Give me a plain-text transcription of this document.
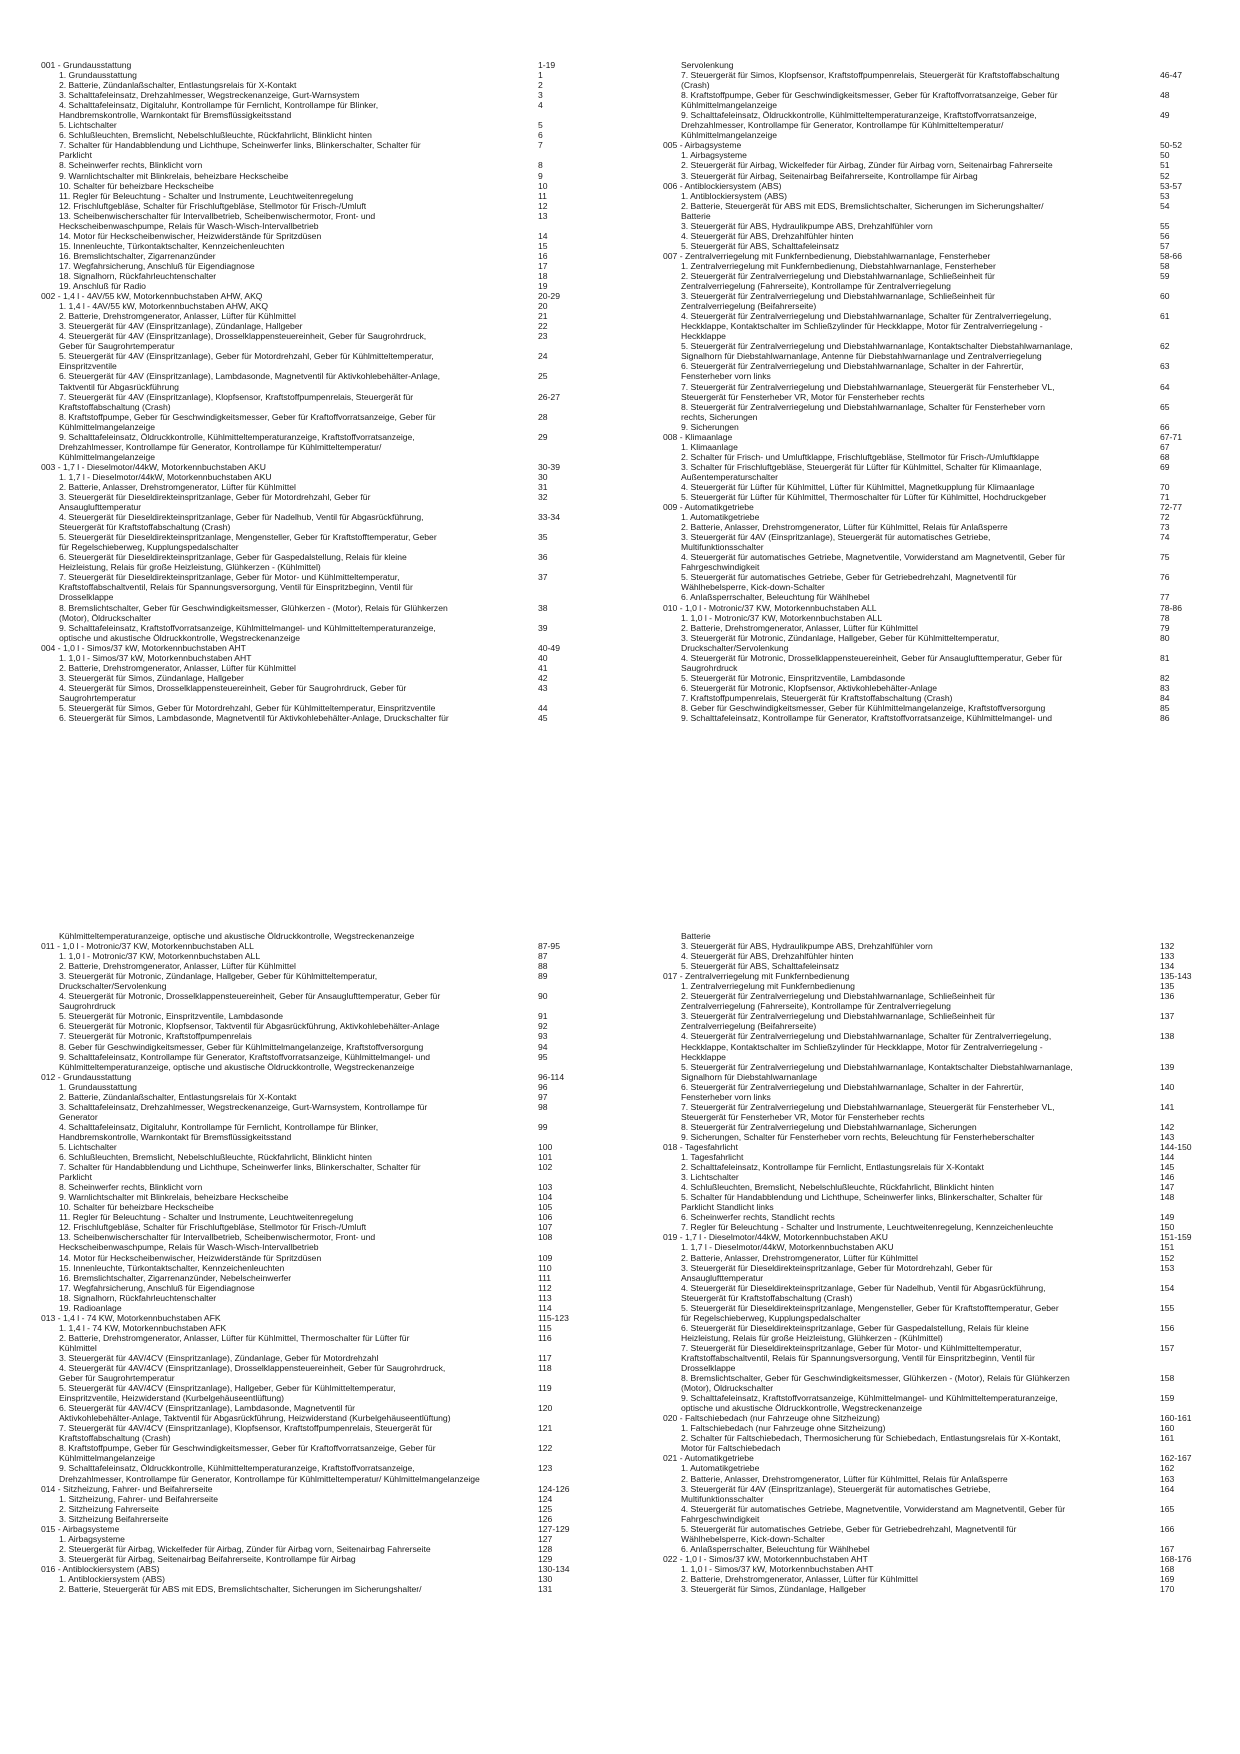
001 - Grundausstattung	1-19
1. Grundausstattung	1
2. Batterie, Zündanlaßschalter, Entlastungsrelais für X-Kontakt	2
3. Schalttafeleinsatz, Drehzahlmesser, Wegstreckenanzeige, Gurt-Warnsystem	3
4. Schalttafeleinsatz, Digitaluhr, Kontrollampe für Fernlicht, Kontrollampe für Blinker,	4
Handbremskontrolle, Warnkontakt für Bremsflüssigkeitsstand
5. Lichtschalter	5
6. Schlußleuchten, Bremslicht, Nebelschlußleuchte, Rückfahrlicht, Blinklicht hinten	6
7. Schalter für Handabblendung und Lichthupe, Scheinwerfer links, Blinkerschalter, Schalter für	7
Parklicht
8. Scheinwerfer rechts, Blinklicht vorn	8
9. Warnlichtschalter mit Blinkrelais, beheizbare Heckscheibe	9
10. Schalter für beheizbare Heckscheibe	10
11. Regler für Beleuchtung - Schalter und Instrumente, Leuchtweitenregelung	11
12. Frischluftgebläse, Schalter für Frischluftgebläse, Stellmotor für Frisch-/Umluft	12
13. Scheibenwischerschalter für Intervallbetrieb, Scheibenwischermotor, Front- und	13
Heckscheibenwaschpumpe, Relais für Wasch-Wisch-Intervallbetrieb
14. Motor für Heckscheibenwischer, Heizwiderstände für Spritzdüsen	14
15. Innenleuchte, Türkontaktschalter, Kennzeichenleuchten	15
16. Bremslichtschalter, Zigarrenanzünder	16
17. Wegfahrsicherung, Anschluß für Eigendiagnose	17
18. Signalhorn, Rückfahrleuchtenschalter	18
19. Anschluß für Radio	19
002 - 1,4 l - 4AV/55 kW, Motorkennbuchstaben AHW, AKQ	20-29
1. 1,4 l - 4AV/55 kW, Motorkennbuchstaben AHW, AKQ	20
2. Batterie, Drehstromgenerator, Anlasser, Lüfter für Kühlmittel	21
3. Steuergerät für 4AV (Einspritzanlage), Zündanlage, Hallgeber	22
4. Steuergerät für 4AV (Einspritzanlage), Drosselklappensteuereinheit, Geber für Saugrohrdruck,	23
Geber für Saugrohrtemperatur
5. Steuergerät für 4AV (Einspritzanlage), Geber für Motordrehzahl, Geber für Kühlmitteltemperatur,	24
Einspritzventile
6. Steuergerät für 4AV (Einspritzanlage), Lambdasonde, Magnetventil für Aktivkohlebehälter-Anlage,	25
Taktventil für Abgasrückführung
7. Steuergerät für 4AV (Einspritzanlage), Klopfsensor, Kraftstoffpumpenrelais, Steuergerät für	26-27
Kraftstoffabschaltung (Crash)
8. Kraftstoffpumpe, Geber für Geschwindigkeitsmesser, Geber für Kraftoffvorratsanzeige, Geber für	28
Kühlmittelmangelanzeige
9. Schalttafeleinsatz, Öldruckkontrolle, Kühlmitteltemperaturanzeige, Kraftstoffvorratsanzeige,	29
Drehzahlmesser, Kontrollampe für Generator, Kontrollampe für Kühlmitteltemperatur/
Kühlmittelmangelanzeige
003 - 1,7 l - Dieselmotor/44kW, Motorkennbuchstaben AKU	30-39
1. 1,7 l - Dieselmotor/44kW, Motorkennbuchstaben AKU	30
2. Batterie, Anlasser, Drehstromgenerator, Lüfter für Kühlmittel	31
3. Steuergerät für Dieseldirekteinspritzanlage, Geber für Motordrehzahl, Geber für	32
Ansauglufttemperatur
4. Steuergerät für Dieseldirekteinspritzanlage, Geber für Nadelhub, Ventil für Abgasrückführung,	33-34
Steuergerät für Kraftstoffabschaltung (Crash)
5. Steuergerät für Dieseldirekteinspritzanlage, Mengensteller, Geber für Kraftstofftemperatur, Geber	35
für Regelschieberweg, Kupplungspedalschalter
6. Steuergerät für Dieseldirekteinspritzanlage, Geber für Gaspedalstellung, Relais für kleine	36
Heizleistung, Relais für große Heizleistung, Glühkerzen - (Kühlmittel)
7. Steuergerät für Dieseldirekteinspritzanlage, Geber für Motor- und Kühlmitteltemperatur,	37
Kraftstoffabschaltventil, Relais für Spannungsversorgung, Ventil für Einspritzbeginn, Ventil für
Drosselklappe
8. Bremslichtschalter, Geber für Geschwindigkeitsmesser, Glühkerzen - (Motor), Relais für Glühkerzen	38
(Motor), Öldruckschalter
9. Schalttafeleinsatz, Kraftstoffvorratsanzeige, Kühlmittelmangel- und Kühlmitteltemperaturanzeige,	39
optische und akustische Öldruckkontrolle, Wegstreckenanzeige
004 - 1,0 l - Simos/37 kW, Motorkennbuchstaben AHT	40-49
1. 1,0 l - Simos/37 kW, Motorkennbuchstaben AHT	40
2. Batterie, Drehstromgenerator, Anlasser, Lüfter für Kühlmittel	41
3. Steuergerät für Simos, Zündanlage, Hallgeber	42
4. Steuergerät für Simos, Drosselklappensteuereinheit, Geber für Saugrohrdruck, Geber für	43
Saugrohrtemperatur
5. Steuergerät für Simos, Geber für Motordrehzahl, Geber für Kühlmitteltemperatur, Einspritzventile	44
6. Steuergerät für Simos, Lambdasonde, Magnetventil für Aktivkohlebehälter-Anlage, Druckschalter für	45
Servolenkung
7. Steuergerät für Simos, Klopfsensor, Kraftstoffpumpenrelais, Steuergerät für Kraftstoffabschaltung	46-47
(Crash)
8. Kraftstoffpumpe, Geber für Geschwindigkeitsmesser, Geber für Kraftoffvorratsanzeige, Geber für	48
Kühlmittelmangelanzeige
9. Schalttafeleinsatz, Öldruckkontrolle, Kühlmitteltemperaturanzeige, Kraftstoffvorratsanzeige,	49
Drehzahlmesser, Kontrollampe für Generator, Kontrollampe für Kühlmitteltemperatur/
Kühlmittelmangelanzeige
005 - Airbagsysteme	50-52
1. Airbagsysteme	50
2. Steuergerät für Airbag, Wickelfeder für Airbag, Zünder für Airbag vorn, Seitenairbag Fahrerseite	51
3. Steuergerät für Airbag, Seitenairbag Beifahrerseite, Kontrollampe für Airbag	52
006 - Antiblockiersystem (ABS)	53-57
1. Antiblockiersystem (ABS)	53
2. Batterie, Steuergerät für ABS mit EDS, Bremslichtschalter, Sicherungen im Sicherungshalter/	54
Batterie
3. Steuergerät für ABS, Hydraulikpumpe ABS, Drehzahlfühler vorn	55
4. Steuergerät für ABS, Drehzahlfühler hinten	56
5. Steuergerät für ABS, Schalttafeleinsatz	57
007 - Zentralverriegelung mit Funkfernbedienung, Diebstahlwarnanlage, Fensterheber	58-66
1. Zentralverriegelung mit Funkfernbedienung, Diebstahlwarnanlage, Fensterheber	58
2. Steuergerät für Zentralverriegelung und Diebstahlwarnanlage, Schließeinheit für	59
Zentralverriegelung (Fahrerseite), Kontrollampe für Zentralverriegelung
3. Steuergerät für Zentralverriegelung und Diebstahlwarnanlage, Schließeinheit für	60
Zentralverriegelung (Beifahrerseite)
4. Steuergerät für Zentralverriegelung und Diebstahlwarnanlage, Schalter für Zentralverriegelung,	61
Heckklappe, Kontaktschalter im Schließzylinder für Heckklappe, Motor für Zentralverriegelung -
Heckklappe
5. Steuergerät für Zentralverriegelung und Diebstahlwarnanlage, Kontaktschalter Diebstahlwarnanlage,	62
Signalhorn für Diebstahlwarnanlage, Antenne für Diebstahlwarnanlage und Zentralverriegelung
6. Steuergerät für Zentralverriegelung und Diebstahlwarnanlage, Schalter in der Fahrertür,	63
Fensterheber vorn links
7. Steuergerät für Zentralverriegelung und Diebstahlwarnanlage, Steuergerät für Fensterheber VL,	64
Steuergerät für Fensterheber VR, Motor für Fensterheber rechts
8. Steuergerät für Zentralverriegelung und Diebstahlwarnanlage, Schalter für Fensterheber vorn	65
rechts, Sicherungen
9. Sicherungen	66
008 - Klimaanlage	67-71
1. Klimaanlage	67
2. Schalter für Frisch- und Umluftklappe, Frischluftgebläse, Stellmotor für Frisch-/Umluftklappe	68
3. Schalter für Frischluftgebläse, Steuergerät für Lüfter für Kühlmittel, Schalter für Klimaanlage,	69
Außentemperaturschalter
4. Steuergerät für Lüfter für Kühlmittel, Lüfter für Kühlmittel, Magnetkupplung für Klimaanlage	70
5. Steuergerät für Lüfter für Kühlmittel, Thermoschalter für Lüfter für Kühlmittel, Hochdruckgeber	71
009 - Automatikgetriebe	72-77
1. Automatikgetriebe	72
2. Batterie, Anlasser, Drehstromgenerator, Lüfter für Kühlmittel, Relais für Anlaßsperre	73
3. Steuergerät für 4AV (Einspritzanlage), Steuergerät für automatisches Getriebe,	74
Multifunktionsschalter
4. Steuergerät für automatisches Getriebe, Magnetventile, Vorwiderstand am Magnetventil, Geber für	75
Fahrgeschwindigkeit
5. Steuergerät für automatisches Getriebe, Geber für Getriebedrehzahl, Magnetventil für	76
Wählhebelsperre, Kick-down-Schalter
6. Anlaßsperrschalter, Beleuchtung für Wählhebel	77
010 - 1,0 l - Motronic/37 KW, Motorkennbuchstaben ALL	78-86
1. 1,0 l - Motronic/37 KW, Motorkennbuchstaben ALL	78
2. Batterie, Drehstromgenerator, Anlasser, Lüfter für Kühlmittel	79
3. Steuergerät für Motronic, Zündanlage, Hallgeber, Geber für Kühlmitteltemperatur,	80
Druckschalter/Servolenkung
4. Steuergerät für Motronic, Drosselklappensteuereinheit, Geber für Ansauglufttemperatur, Geber für	81
Saugrohrdruck
5. Steuergerät für Motronic, Einspritzventile, Lambdasonde	82
6. Steuergerät für Motronic, Klopfsensor, Aktivkohlebehälter-Anlage	83
7. Kraftstoffpumpenrelais, Steuergerät für Kraftstoffabschaltung (Crash)	84
8. Geber für Geschwindigkeitsmesser, Geber für Kühlmittelmangelanzeige, Kraftstoffversorgung	85
9. Schalttafeleinsatz, Kontrollampe für Generator, Kraftstoffvorratsanzeige, Kühlmittelmangel- und	86
Kühlmitteltemperaturanzeige, optische und akustische Öldruckkontrolle, Wegstreckenanzeige
011 - 1,0 l - Motronic/37 KW, Motorkennbuchstaben ALL	87-95
1. 1,0 l - Motronic/37 KW, Motorkennbuchstaben ALL	87
2. Batterie, Drehstromgenerator, Anlasser, Lüfter für Kühlmittel	88
3. Steuergerät für Motronic, Zündanlage, Hallgeber, Geber für Kühlmitteltemperatur,	89
Druckschalter/Servolenkung
4. Steuergerät für Motronic, Drosselklappensteuereinheit, Geber für Ansauglufttemperatur, Geber für	90
Saugrohrdruck
5. Steuergerät für Motronic, Einspritzventile, Lambdasonde	91
6. Steuergerät für Motronic, Klopfsensor, Taktventil für Abgasrückführung, Aktivkohlebehälter-Anlage	92
7. Steuergerät für Motronic, Kraftstoffpumpenrelais	93
8. Geber für Geschwindigkeitsmesser, Geber für Kühlmittelmangelanzeige, Kraftstoffversorgung	94
9. Schalttafeleinsatz, Kontrollampe für Generator, Kraftstoffvorratsanzeige, Kühlmittelmangel- und	95
Kühlmitteltemperaturanzeige, optische und akustische Öldruckkontrolle, Wegstreckenanzeige
012 - Grundausstattung	96-114
1. Grundausstattung	96
2. Batterie, Zündanlaßschalter, Entlastungsrelais für X-Kontakt	97
3. Schalttafeleinsatz, Drehzahlmesser, Wegstreckenanzeige, Gurt-Warnsystem, Kontrollampe für	98
Generator
4. Schalttafeleinsatz, Digitaluhr, Kontrollampe für Fernlicht, Kontrollampe für Blinker,	99
Handbremskontrolle, Warnkontakt für Bremsflüssigkeitsstand
5. Lichtschalter	100
6. Schlußleuchten, Bremslicht, Nebelschlußleuchte, Rückfahrlicht, Blinklicht hinten	101
7. Schalter für Handabblendung und Lichthupe, Scheinwerfer links, Blinkerschalter, Schalter für	102
Parklicht
8. Scheinwerfer rechts, Blinklicht vorn	103
9. Warnlichtschalter mit Blinkrelais, beheizbare Heckscheibe	104
10. Schalter für beheizbare Heckscheibe	105
11. Regler für Beleuchtung - Schalter und Instrumente, Leuchtweitenregelung	106
12. Frischluftgebläse, Schalter für Frischluftgebläse, Stellmotor für Frisch-/Umluft	107
13. Scheibenwischerschalter für Intervallbetrieb, Scheibenwischermotor, Front- und	108
Heckscheibenwaschpumpe, Relais für Wasch-Wisch-Intervallbetrieb
14. Motor für Heckscheibenwischer, Heizwiderstände für Spritzdüsen	109
15. Innenleuchte, Türkontaktschalter, Kennzeichenleuchten	110
16. Bremslichtschalter, Zigarrenanzünder, Nebelscheinwerfer	111
17. Wegfahrsicherung, Anschluß für Eigendiagnose	112
18. Signalhorn, Rückfahrleuchtenschalter	113
19. Radioanlage	114
013 - 1,4 l - 74 KW, Motorkennbuchstaben AFK	115-123
1. 1,4 l - 74 KW, Motorkennbuchstaben AFK	115
2. Batterie, Drehstromgenerator, Anlasser, Lüfter für Kühlmittel, Thermoschalter für Lüfter für	116
Kühlmittel
3. Steuergerät für 4AV/4CV (Einspritzanlage), Zündanlage, Geber für Motordrehzahl	117
4. Steuergerät für 4AV/4CV (Einspritzanlage), Drosselklappensteuereinheit, Geber für Saugrohrdruck,	118
Geber für Saugrohrtemperatur
5. Steuergerät für 4AV/4CV (Einspritzanlage), Hallgeber, Geber für Kühlmitteltemperatur,	119
Einspritzventile, Heizwiderstand (Kurbelgehäuseentlüftung)
6. Steuergerät für 4AV/4CV (Einspritzanlage), Lambdasonde, Magnetventil für	120
Aktivkohlebehälter-Anlage, Taktventil für Abgasrückführung, Heizwiderstand (Kurbelgehäuseentlüftung)
7. Steuergerät für 4AV/4CV (Einspritzanlage), Klopfsensor, Kraftstoffpumpenrelais, Steuergerät für	121
Kraftstoffabschaltung (Crash)
8. Kraftstoffpumpe, Geber für Geschwindigkeitsmesser, Geber für Kraftoffvorratsanzeige, Geber für	122
Kühlmittelmangelanzeige
9. Schalttafeleinsatz, Öldruckkontrolle, Kühlmitteltemperaturanzeige, Kraftstoffvorratsanzeige,	123
Drehzahlmesser, Kontrollampe für Generator, Kontrollampe für Kühlmitteltemperatur/ Kühlmittelmangelanzeige
014 - Sitzheizung, Fahrer- und Beifahrerseite	124-126
1. Sitzheizung, Fahrer- und Beifahrerseite	124
2. Sitzheizung Fahrerseite	125
3. Sitzheizung Beifahrerseite	126
015 - Airbagsysteme	127-129
1. Airbagsysteme	127
2. Steuergerät für Airbag, Wickelfeder für Airbag, Zünder für Airbag vorn, Seitenairbag Fahrerseite	128
3. Steuergerät für Airbag, Seitenairbag Beifahrerseite, Kontrollampe für Airbag	129
016 - Antiblockiersystem (ABS)	130-134
1. Antiblockiersystem (ABS)	130
2. Batterie, Steuergerät für ABS mit EDS, Bremslichtschalter, Sicherungen im Sicherungshalter/	131
Batterie
3. Steuergerät für ABS, Hydraulikpumpe ABS, Drehzahlfühler vorn	132
4. Steuergerät für ABS, Drehzahlfühler hinten	133
5. Steuergerät für ABS, Schalttafeleinsatz	134
017 - Zentralverriegelung mit Funkfernbedienung	135-143
1. Zentralverriegelung mit Funkfernbedienung	135
2. Steuergerät für Zentralverriegelung und Diebstahlwarnanlage, Schließeinheit für	136
Zentralverriegelung (Fahrerseite), Kontrollampe für Zentralverriegelung
3. Steuergerät für Zentralverriegelung und Diebstahlwarnanlage, Schließeinheit für	137
Zentralverriegelung (Beifahrerseite)
4. Steuergerät für Zentralverriegelung und Diebstahlwarnanlage, Schalter für Zentralverriegelung,	138
Heckklappe, Kontaktschalter im Schließzylinder für Heckklappe, Motor für Zentralverriegelung -
Heckklappe
5. Steuergerät für Zentralverriegelung und Diebstahlwarnanlage, Kontaktschalter Diebstahlwarnanlage,	139
Signalhorn für Diebstahlwarnanlage
6. Steuergerät für Zentralverriegelung und Diebstahlwarnanlage, Schalter in der Fahrertür,	140
Fensterheber vorn links
7. Steuergerät für Zentralverriegelung und Diebstahlwarnanlage, Steuergerät für Fensterheber VL,	141
Steuergerät für Fensterheber VR, Motor für Fensterheber rechts
8. Steuergerät für Zentralverriegelung und Diebstahlwarnanlage, Sicherungen	142
9. Sicherungen, Schalter für Fensterheber vorn rechts, Beleuchtung für Fensterheberschalter	143
018 - Tagesfahrlicht	144-150
1. Tagesfahrlicht	144
2. Schalttafeleinsatz, Kontrollampe für Fernlicht, Entlastungsrelais für X-Kontakt	145
3. Lichtschalter	146
4. Schlußleuchten, Bremslicht, Nebelschlußleuchte, Rückfahrlicht, Blinklicht hinten	147
5. Schalter für Handabblendung und Lichthupe, Scheinwerfer links, Blinkerschalter, Schalter für	148
Parklicht Standlicht links
6. Scheinwerfer rechts, Standlicht rechts	149
7. Regler für Beleuchtung - Schalter und Instrumente, Leuchtweitenregelung, Kennzeichenleuchte	150
019 - 1,7 l - Dieselmotor/44kW, Motorkennbuchstaben AKU	151-159
1. 1,7 l - Dieselmotor/44kW, Motorkennbuchstaben AKU	151
2. Batterie, Anlasser, Drehstromgenerator, Lüfter für Kühlmittel	152
3. Steuergerät für Dieseldirekteinspritzanlage, Geber für Motordrehzahl, Geber für	153
Ansauglufttemperatur
4. Steuergerät für Dieseldirekteinspritzanlage, Geber für Nadelhub, Ventil für Abgasrückführung,	154
Steuergerät für Kraftstoffabschaltung (Crash)
5. Steuergerät für Dieseldirekteinspritzanlage, Mengensteller, Geber für Kraftstofftemperatur, Geber	155
für Regelschieberweg, Kupplungspedalschalter
6. Steuergerät für Dieseldirekteinspritzanlage, Geber für Gaspedalstellung, Relais für kleine	156
Heizleistung, Relais für große Heizleistung, Glühkerzen - (Kühlmittel)
7. Steuergerät für Dieseldirekteinspritzanlage, Geber für Motor- und Kühlmitteltemperatur,	157
Kraftstoffabschaltventil, Relais für Spannungsversorgung, Ventil für Einspritzbeginn, Ventil für
Drosselklappe
8. Bremslichtschalter, Geber für Geschwindigkeitsmesser, Glühkerzen - (Motor), Relais für Glühkerzen	158
(Motor), Öldruckschalter
9. Schalttafeleinsatz, Kraftstoffvorratsanzeige, Kühlmittelmangel- und Kühlmitteltemperaturanzeige,	159
optische und akustische Öldruckkontrolle, Wegstreckenanzeige
020 - Faltschiebedach (nur Fahrzeuge ohne Sitzheizung)	160-161
1. Faltschiebedach (nur Fahrzeuge ohne Sitzheizung)	160
2. Schalter für Faltschiebedach, Thermosicherung für Schiebedach, Entlastungsrelais für X-Kontakt,	161
Motor für Faltschiebedach
021 - Automatikgetriebe	162-167
1. Automatikgetriebe	162
2. Batterie, Anlasser, Drehstromgenerator, Lüfter für Kühlmittel, Relais für Anlaßsperre	163
3. Steuergerät für 4AV (Einspritzanlage), Steuergerät für automatisches Getriebe,	164
Multifunktionsschalter
4. Steuergerät für automatisches Getriebe, Magnetventile, Vorwiderstand am Magnetventil, Geber für	165
Fahrgeschwindigkeit
5. Steuergerät für automatisches Getriebe, Geber für Getriebedrehzahl, Magnetventil für	166
Wählhebelsperre, Kick-down-Schalter
6. Anlaßsperrschalter, Beleuchtung für Wählhebel	167
022 - 1,0 l - Simos/37 kW, Motorkennbuchstaben AHT	168-176
1. 1,0 l - Simos/37 kW, Motorkennbuchstaben AHT	168
2. Batterie, Drehstromgenerator, Anlasser, Lüfter für Kühlmittel	169
3. Steuergerät für Simos, Zündanlage, Hallgeber	170
